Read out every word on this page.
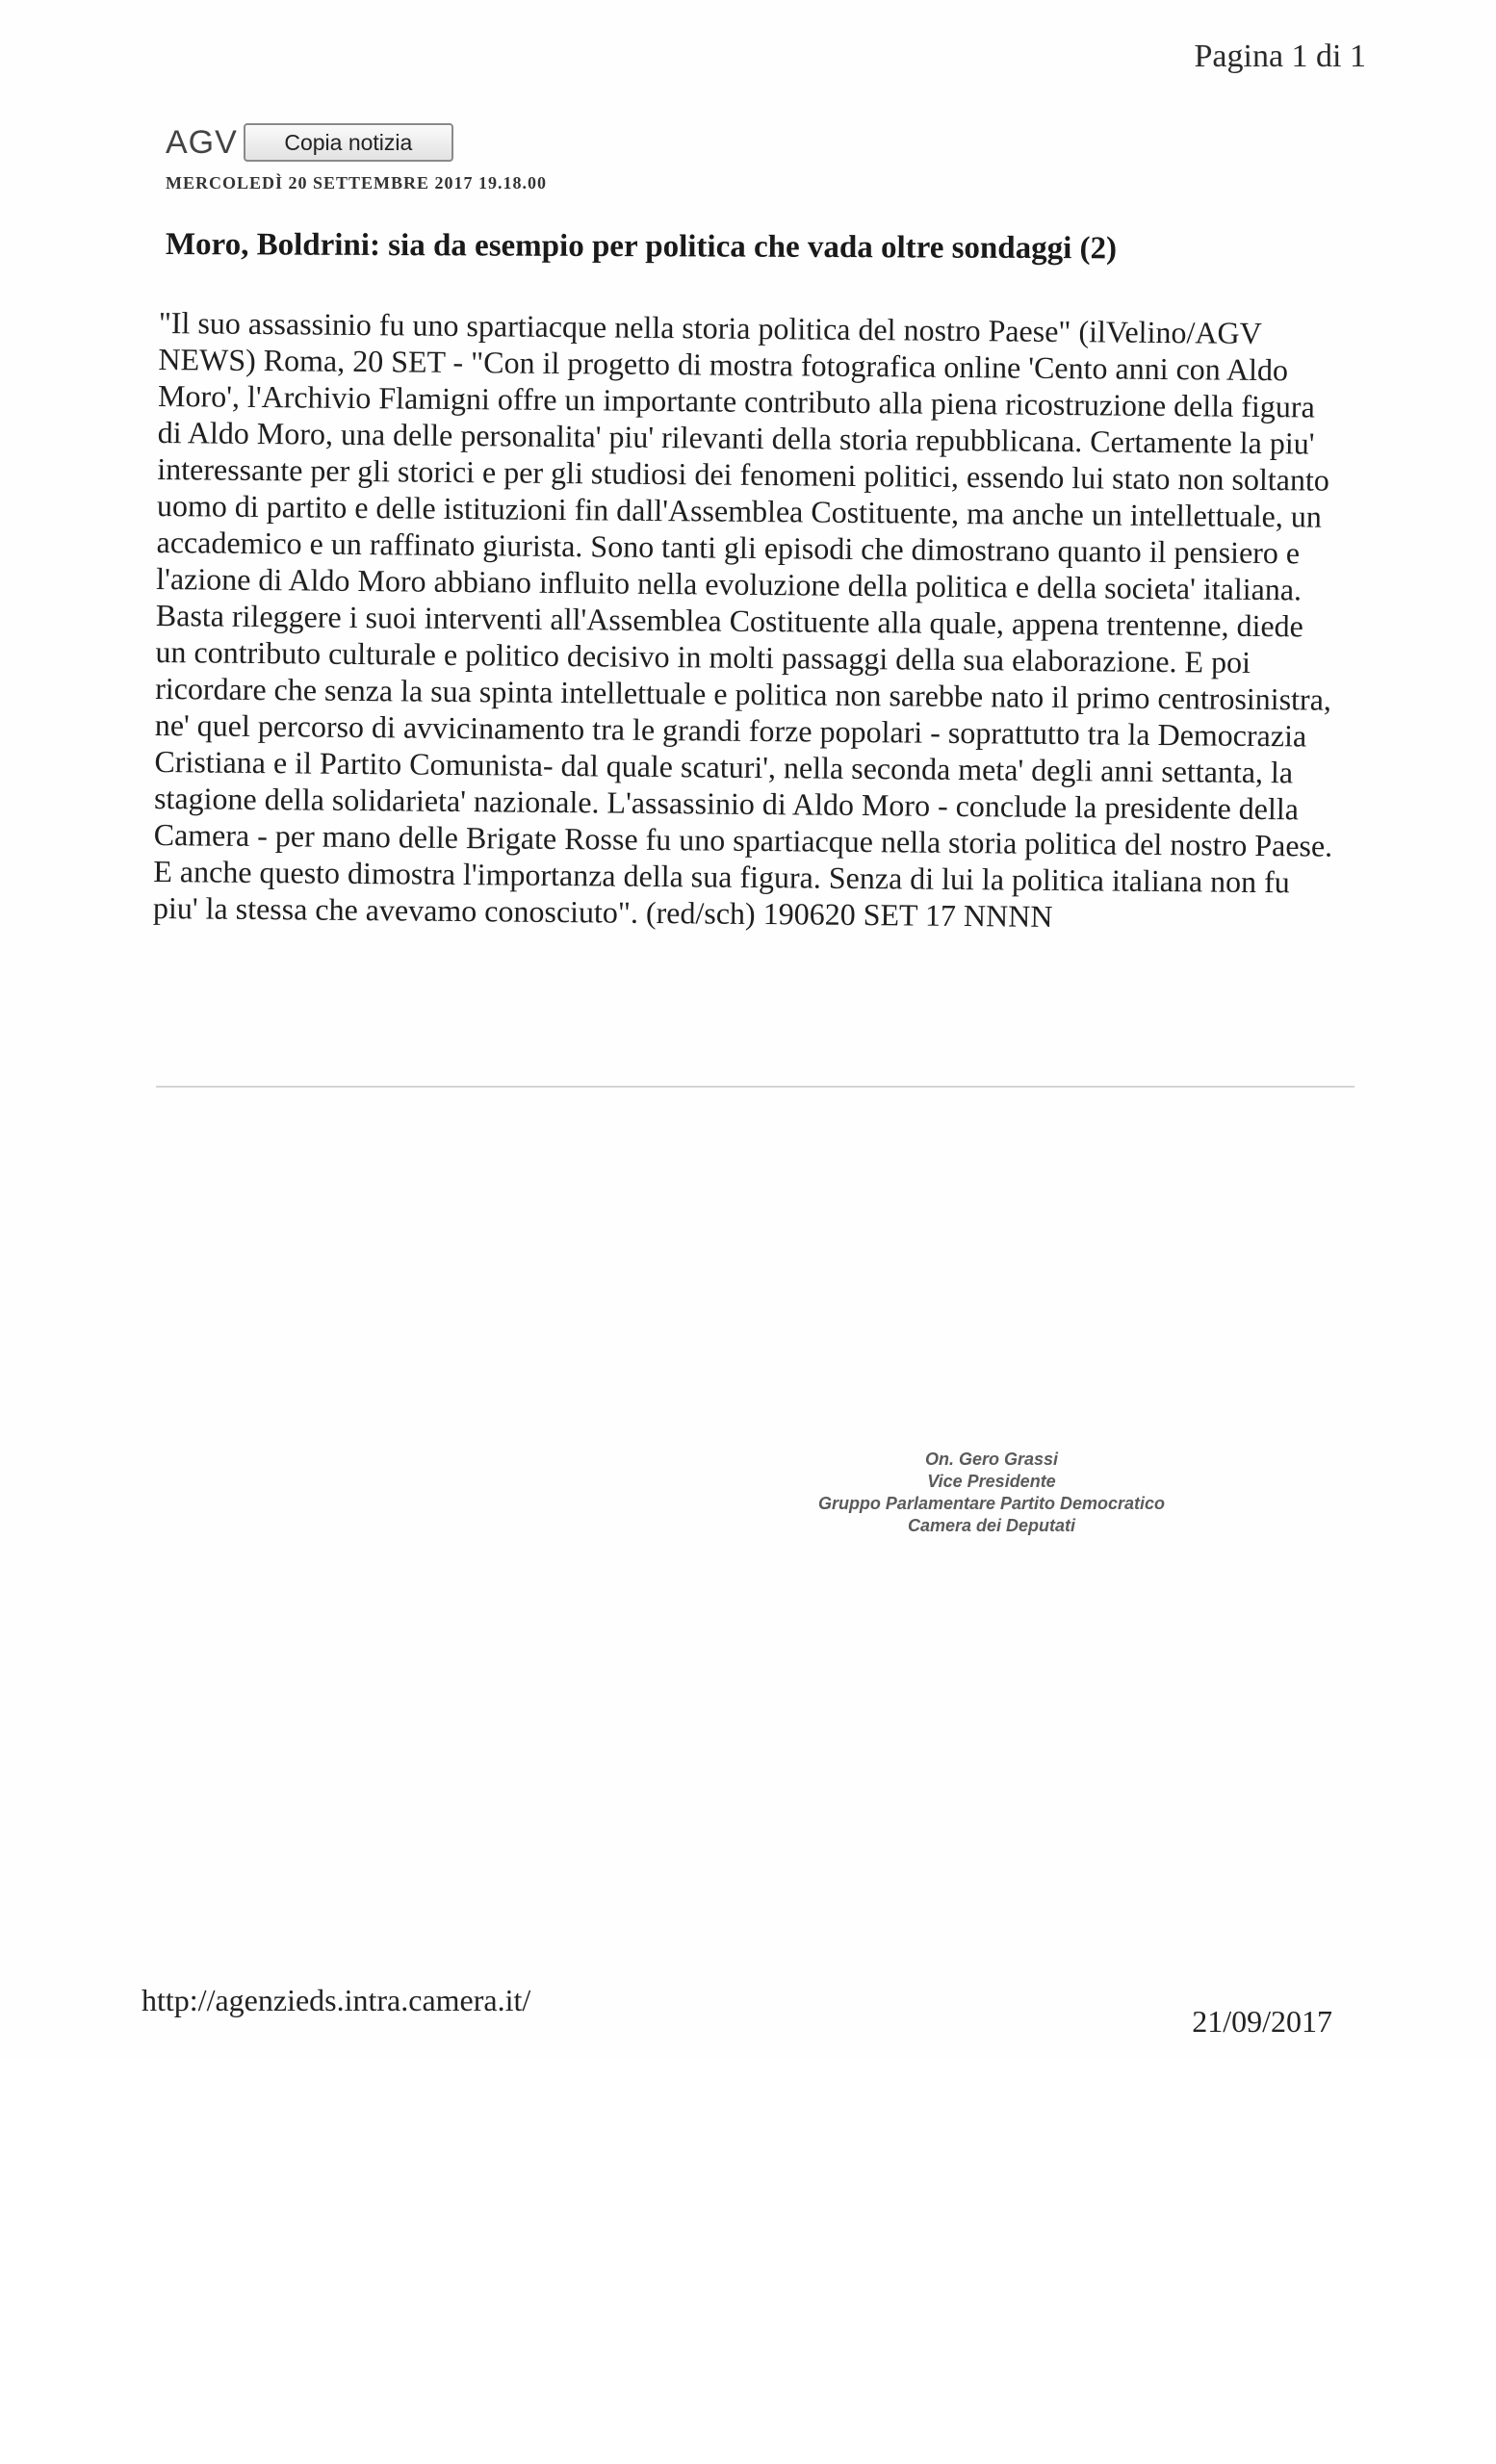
Pagina 1 di 1
AGV	Copia notizia
MERCOLEDÌ 20 SETTEMBRE 2017 19.18.00
Moro, Boldrini: sia da esempio per politica che vada oltre sondaggi (2)

"Il suo assassinio fu uno spartiacque nella storia politica del nostro Paese" (ilVelino/AGV NEWS) Roma, 20 SET - "Con il progetto di mostra fotografica online 'Cento anni con Aldo Moro', l'Archivio Flamigni offre un importante contributo alla piena ricostruzione della figura di Aldo Moro, una delle personalita' piu' rilevanti della storia repubblicana. Certamente la piu' interessante per gli storici e per gli studiosi dei fenomeni politici, essendo lui stato non soltanto uomo di partito e delle istituzioni fin dall'Assemblea Costituente, ma anche un intellettuale, un accademico e un raffinato giurista. Sono tanti gli episodi che dimostrano quanto il pensiero e l'azione di Aldo Moro abbiano influito nella evoluzione della politica e della societa' italiana. Basta rileggere i suoi interventi all'Assemblea Costituente alla quale, appena trentenne, diede un contributo culturale e politico decisivo in molti passaggi della sua elaborazione. E poi ricordare che senza la sua spinta intellettuale e politica non sarebbe nato il primo centrosinistra, ne' quel percorso di avvicinamento tra le grandi forze popolari - soprattutto tra la Democrazia Cristiana e il Partito Comunista- dal quale scaturi', nella seconda meta' degli anni settanta, la stagione della solidarieta' nazionale. L'assassinio di Aldo Moro - conclude la presidente della Camera - per mano delle Brigate Rosse fu uno spartiacque nella storia politica del nostro Paese. E anche questo dimostra l'importanza della sua figura. Senza di lui la politica italiana non fu piu' la stessa che avevamo conosciuto". (red/sch) 190620 SET 17 NNNN

On. Gero Grassi
Vice Presidente
Gruppo Parlamentare Partito Democratico
Camera dei Deputati
http://agenzieds.intra.camera.it/
21/09/2017
